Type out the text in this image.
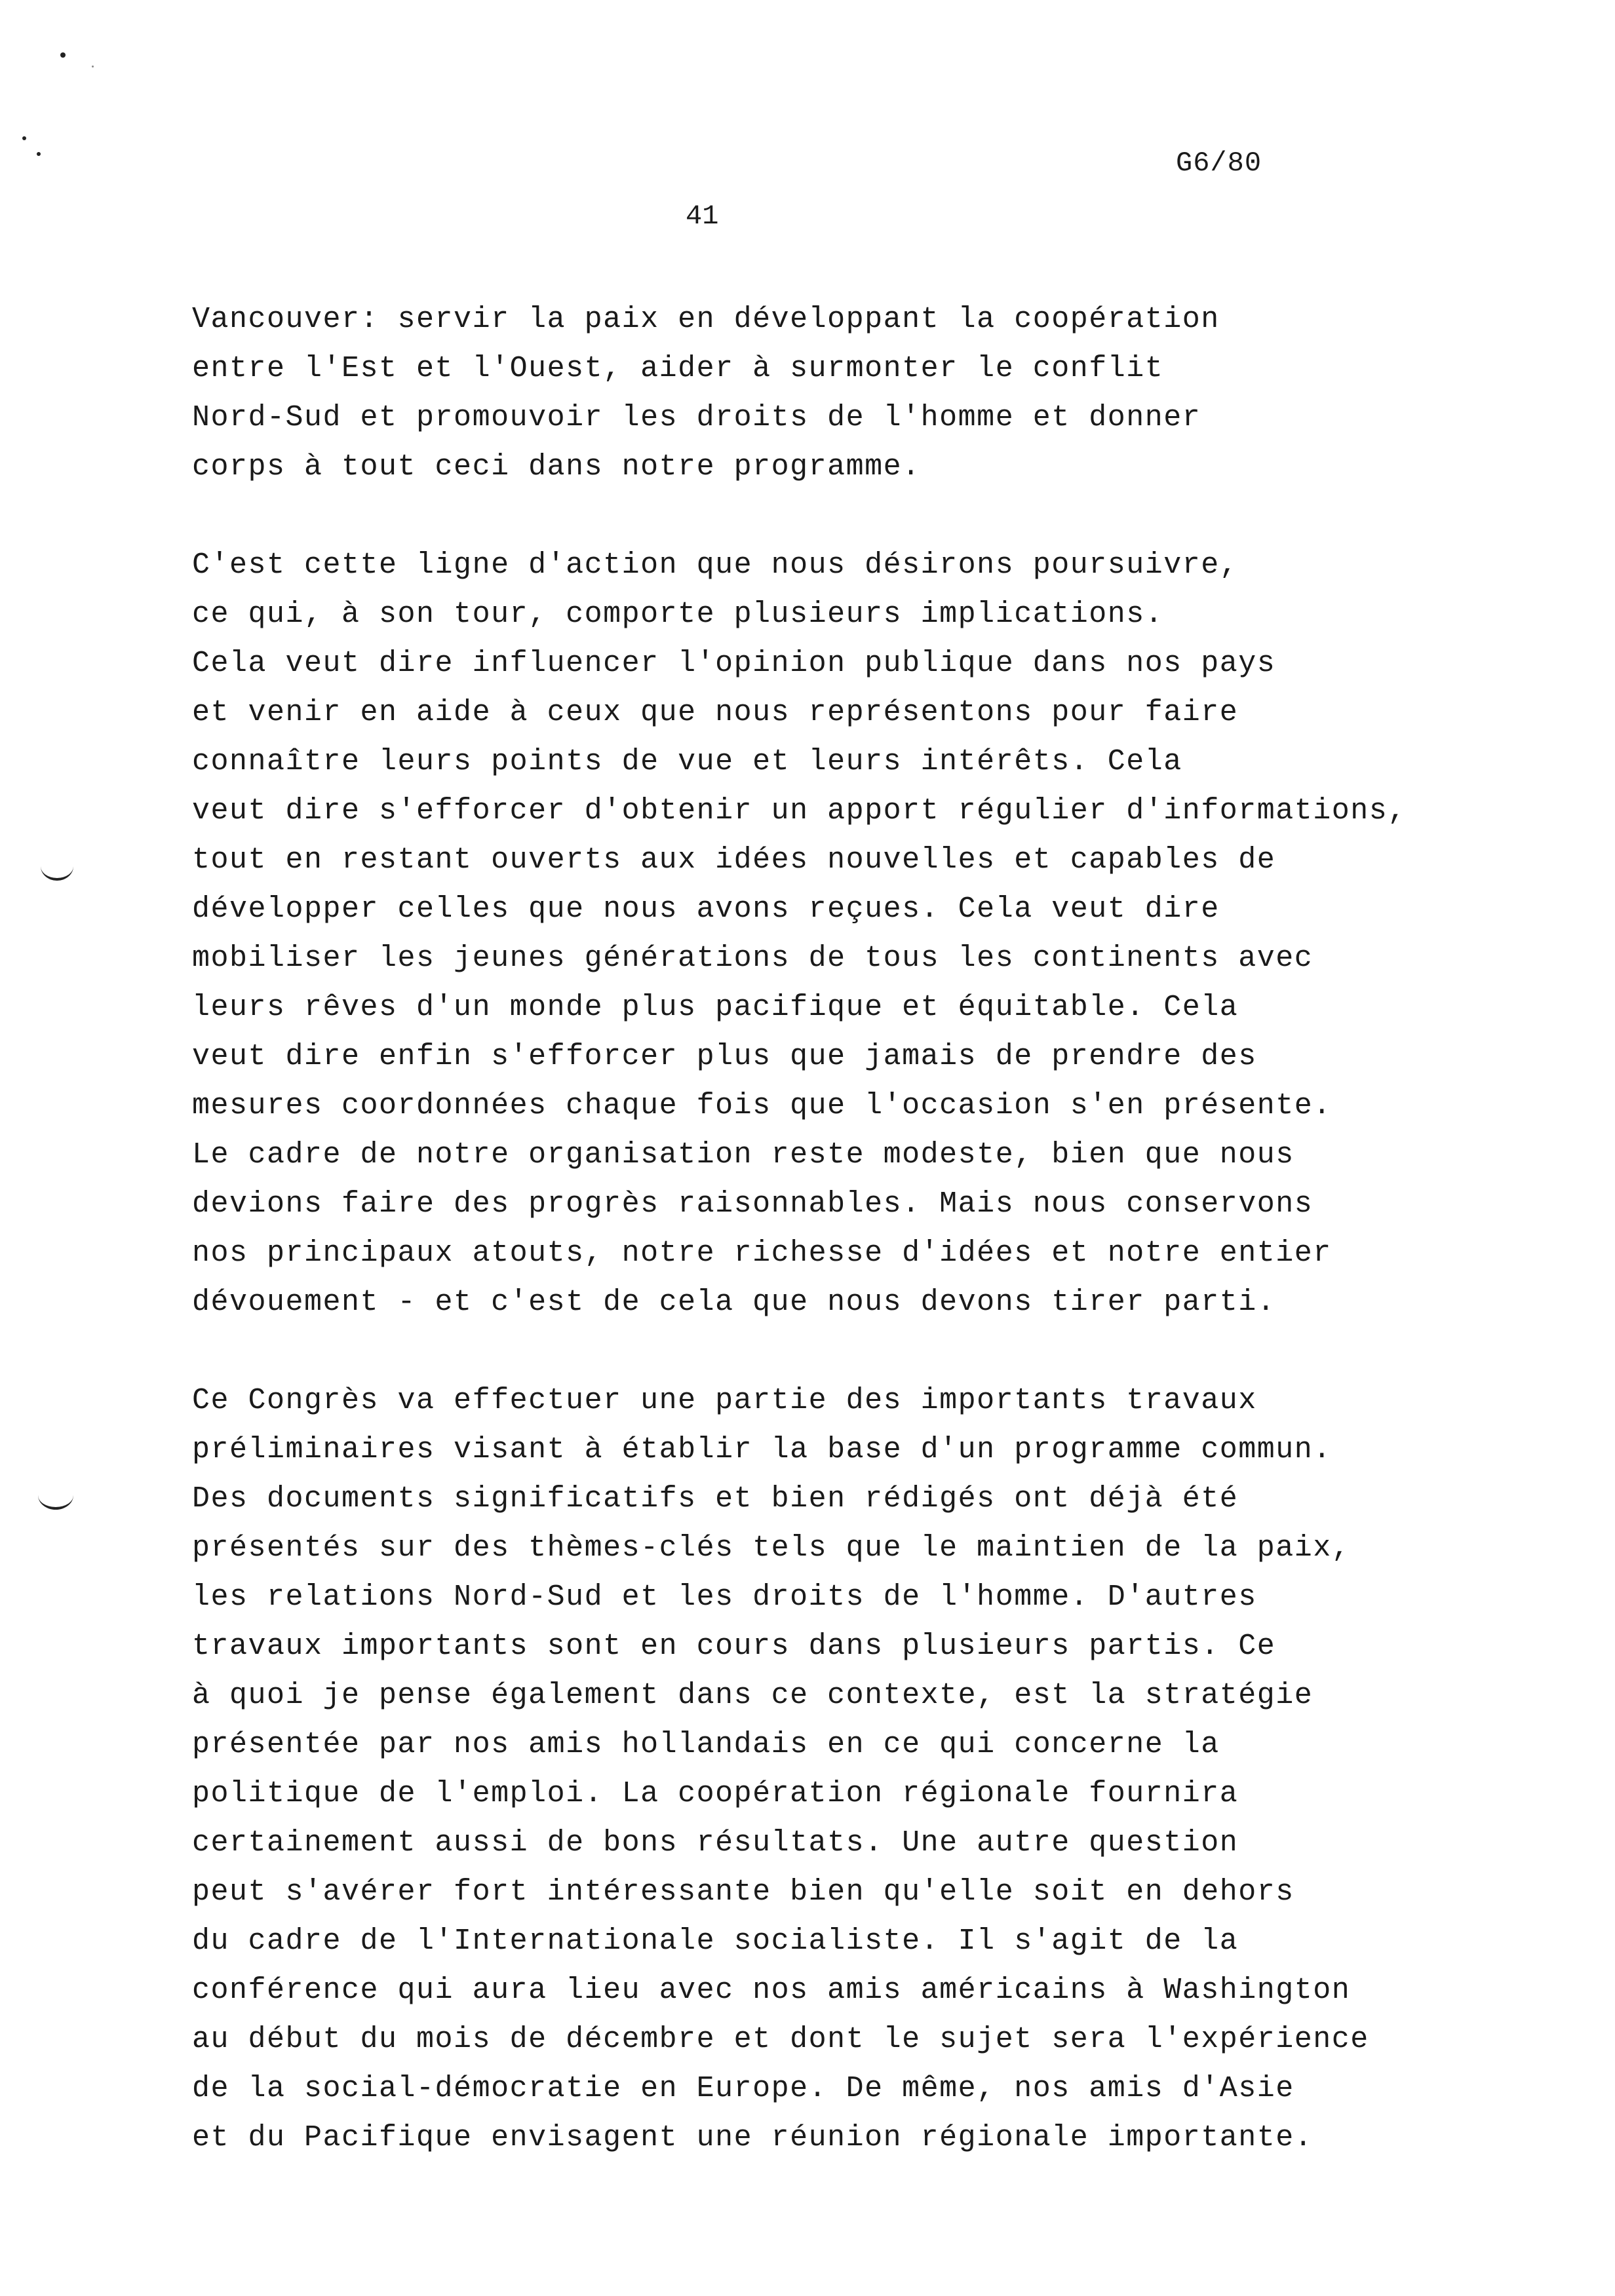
G6/80
41
Vancouver: servir la paix en développant la coopération
entre l'Est et l'Ouest, aider à surmonter le conflit
Nord-Sud et promouvoir les droits de l'homme et donner
corps à tout ceci dans notre programme.
C'est cette ligne d'action que nous désirons poursuivre,
ce qui, à son tour, comporte plusieurs implications.
Cela veut dire influencer l'opinion publique dans nos pays
et venir en aide à ceux que nous représentons pour faire
connaître leurs points de vue et leurs intérêts. Cela
veut dire s'efforcer d'obtenir un apport régulier d'informations,
tout en restant ouverts aux idées nouvelles et capables de
développer celles que nous avons reçues. Cela veut dire
mobiliser les jeunes générations de tous les continents avec
leurs rêves d'un monde plus pacifique et équitable. Cela
veut dire enfin s'efforcer plus que jamais de prendre des
mesures coordonnées chaque fois que l'occasion s'en présente.
Le cadre de notre organisation reste modeste, bien que nous
devions faire des progrès raisonnables. Mais nous conservons
nos principaux atouts, notre richesse d'idées et notre entier
dévouement - et c'est de cela que nous devons tirer parti.
Ce Congrès va effectuer une partie des importants travaux
préliminaires visant à établir la base d'un programme commun.
Des documents significatifs et bien rédigés ont déjà été
présentés sur des thèmes-clés tels que le maintien de la paix,
les relations Nord-Sud et les droits de l'homme. D'autres
travaux importants sont en cours dans plusieurs partis. Ce
à quoi je pense également dans ce contexte, est la stratégie
présentée par nos amis hollandais en ce qui concerne la
politique de l'emploi. La coopération régionale fournira
certainement aussi de bons résultats. Une autre question
peut s'avérer fort intéressante bien qu'elle soit en dehors
du cadre de l'Internationale socialiste. Il s'agit de la
conférence qui aura lieu avec nos amis américains à Washington
au début du mois de décembre et dont le sujet sera l'expérience
de la social-démocratie en Europe. De même, nos amis d'Asie
et du Pacifique envisagent une réunion régionale importante.
